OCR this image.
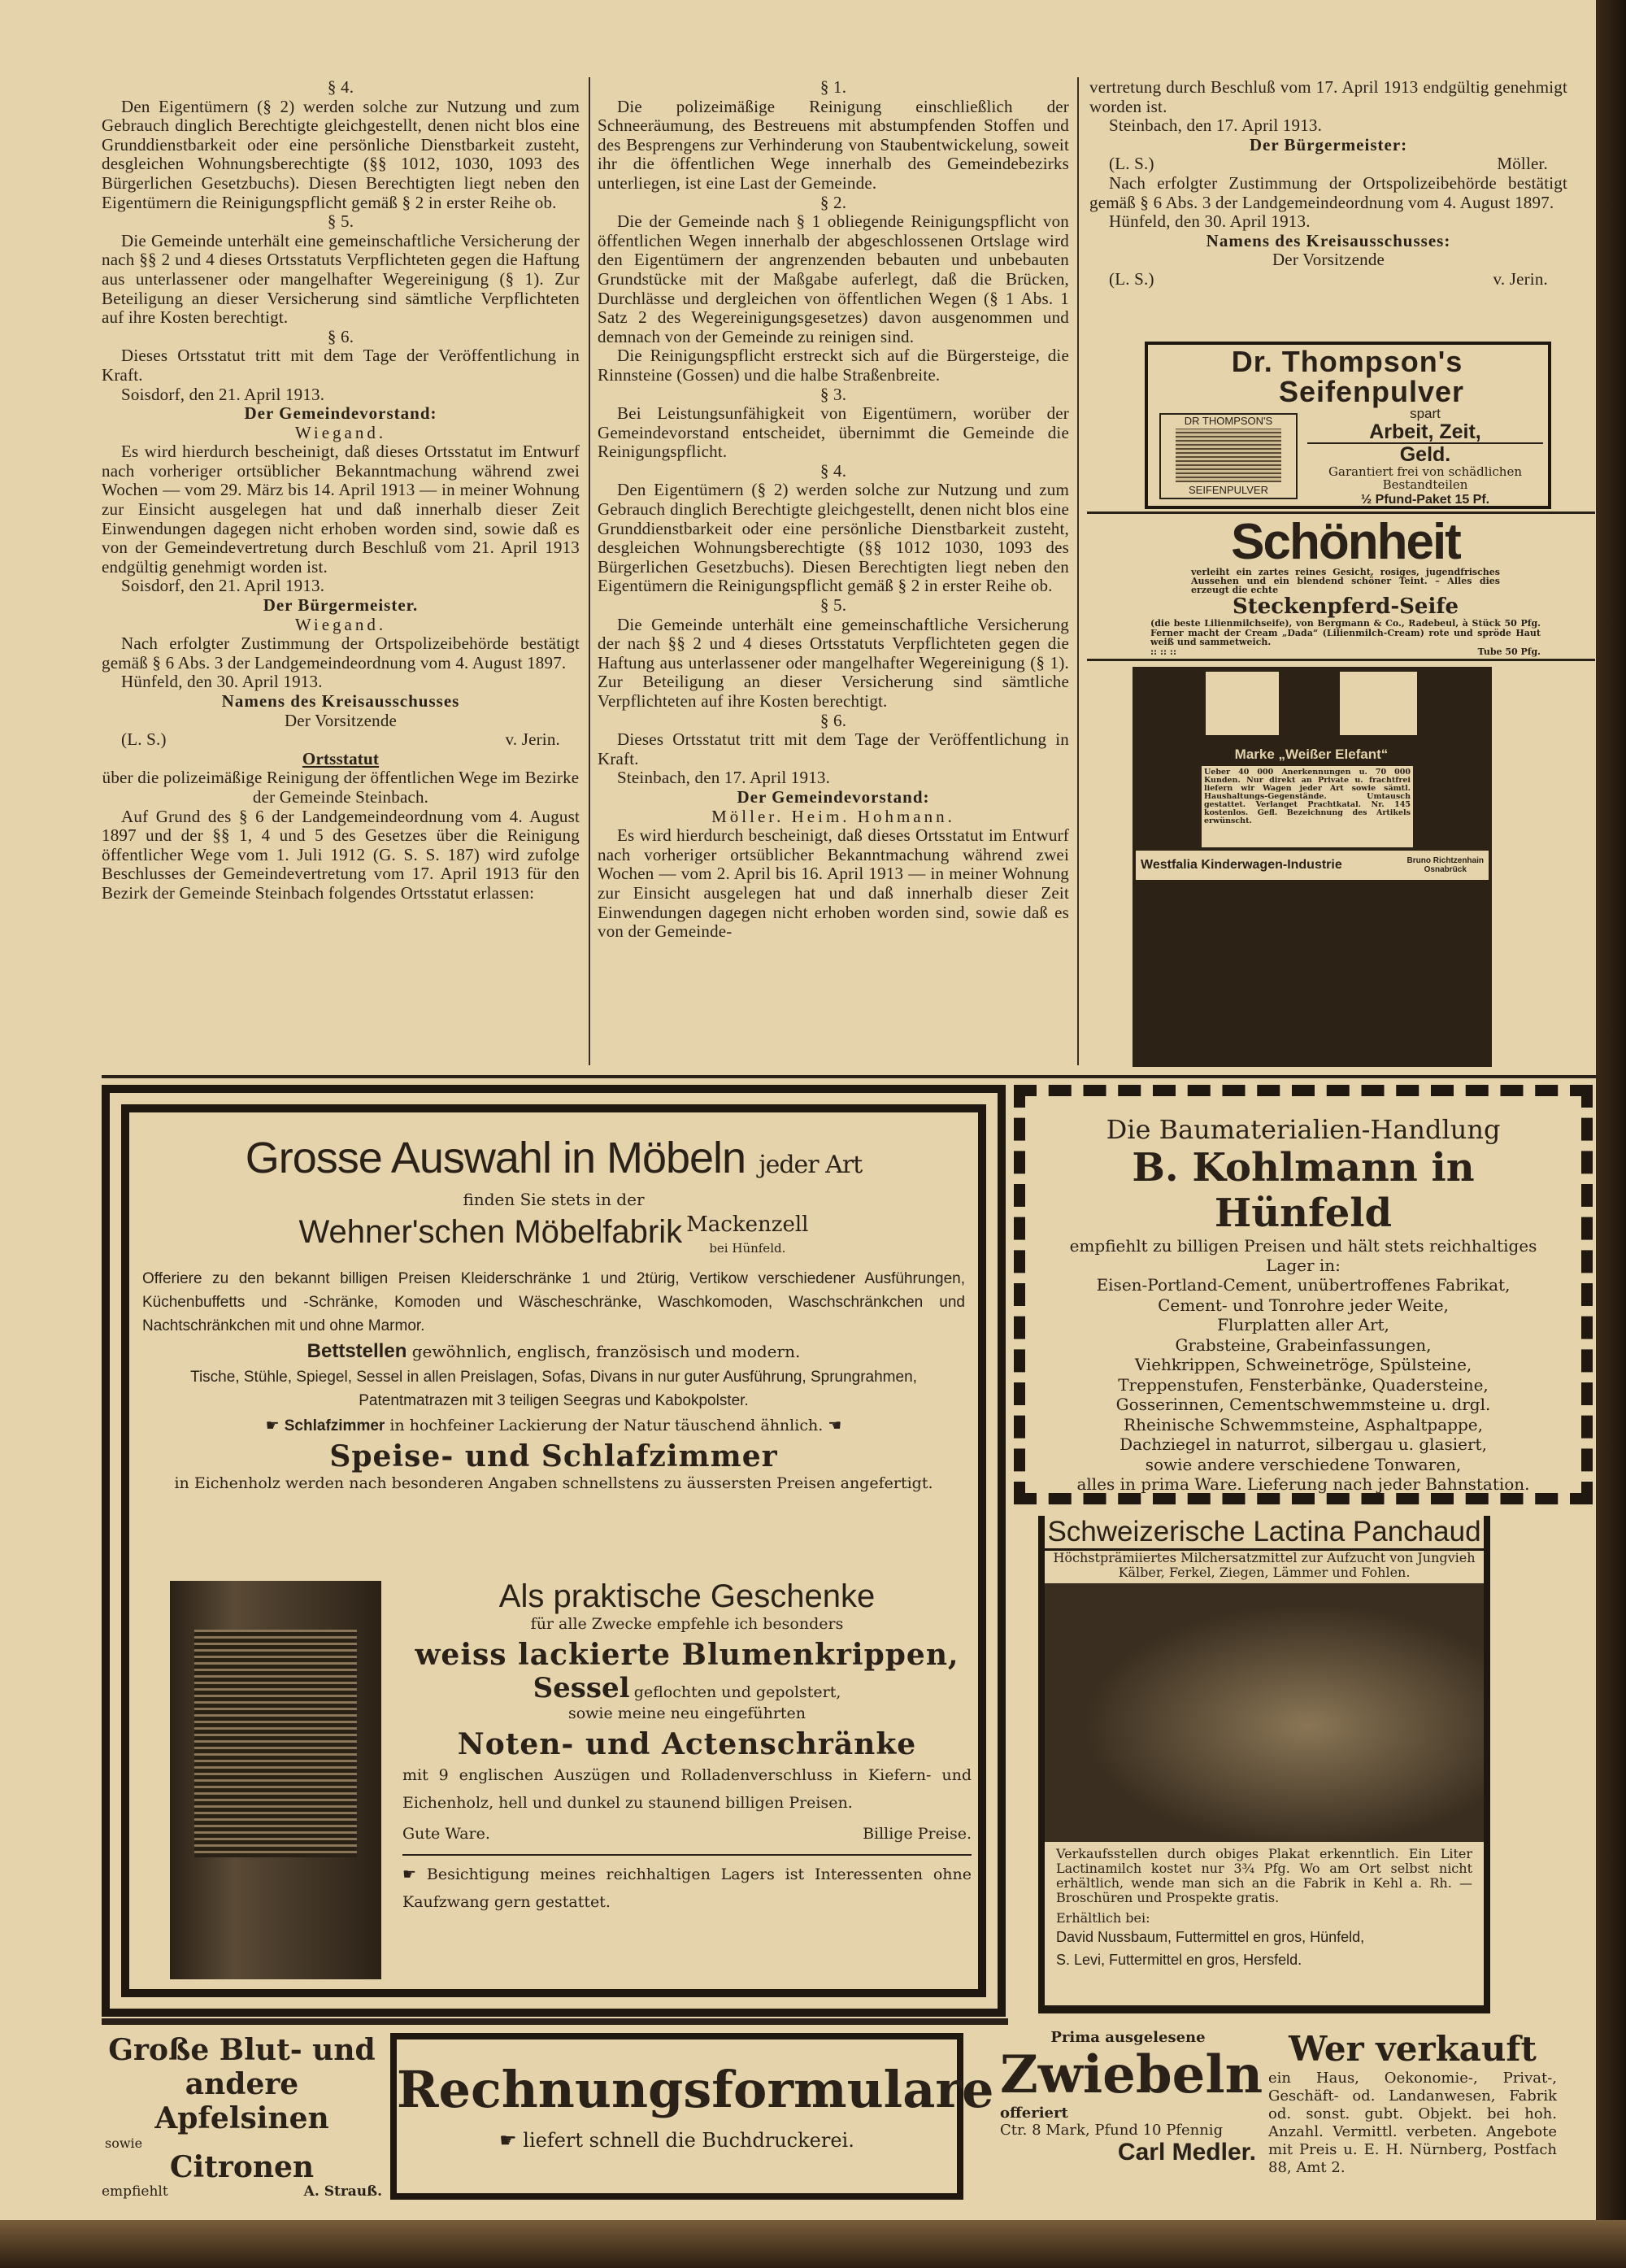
§ 4.

Den Eigentümern (§ 2) werden solche zur Nutzung und zum Gebrauch dinglich Berechtigte gleichgestellt, denen nicht blos eine Grunddienstbarkeit oder eine persönliche Dienstbarkeit zusteht, desgleichen Wohnungsberechtigte (§§ 1012, 1030, 1093 des Bürgerlichen Gesetzbuchs). Diesen Berechtigten liegt neben den Eigentümern die Reinigungspflicht gemäß § 2 in erster Reihe ob.

§ 5.

Die Gemeinde unterhält eine gemeinschaftliche Versicherung der nach §§ 2 und 4 dieses Ortsstatuts Verpflichteten gegen die Haftung aus unterlassener oder mangelhafter Wegereinigung (§ 1). Zur Beteiligung an dieser Versicherung sind sämtliche Verpflichteten auf ihre Kosten berechtigt.

§ 6.

Dieses Ortsstatut tritt mit dem Tage der Veröffentlichung in Kraft.

Soisdorf, den 21. April 1913.

Der Gemeindevorstand:

Wiegand.

Es wird hierdurch bescheinigt, daß dieses Ortsstatut im Entwurf nach vorheriger ortsüblicher Bekanntmachung während zwei Wochen — vom 29. März bis 14. April 1913 — in meiner Wohnung zur Einsicht ausgelegen hat und daß innerhalb dieser Zeit Einwendungen dagegen nicht erhoben worden sind, sowie daß es von der Gemeindevertretung durch Beschluß vom 21. April 1913 endgültig genehmigt worden ist.

Soisdorf, den 21. April 1913.

Der Bürgermeister.

Wiegand.

Nach erfolgter Zustimmung der Ortspolizeibehörde bestätigt gemäß § 6 Abs. 3 der Landgemeindeordnung vom 4. August 1897.

Hünfeld, den 30. April 1913.

Namens des Kreisausschusses

Der Vorsitzende

(L. S.)	v. Jerin.

Ortsstatut

über die polizeimäßige Reinigung der öffentlichen Wege im Bezirke der Gemeinde Steinbach.

Auf Grund des § 6 der Landgemeindeordnung vom 4. August 1897 und der §§ 1, 4 und 5 des Gesetzes über die Reinigung öffentlicher Wege vom 1. Juli 1912 (G. S. S. 187) wird zufolge Beschlusses der Gemeindevertretung vom 17. April 1913 für den Bezirk der Gemeinde Steinbach folgendes Ortsstatut erlassen:

§ 1.

Die polizeimäßige Reinigung einschließlich der Schneeräumung, des Bestreuens mit abstumpfenden Stoffen und des Besprengens zur Verhinderung von Staubentwickelung, soweit ihr die öffentlichen Wege innerhalb des Gemeindebezirks unterliegen, ist eine Last der Gemeinde.

§ 2.

Die der Gemeinde nach § 1 obliegende Reinigungspflicht von öffentlichen Wegen innerhalb der abgeschlossenen Ortslage wird den Eigentümern der angrenzenden bebauten und unbebauten Grundstücke mit der Maßgabe auferlegt, daß die Brücken, Durchlässe und dergleichen von öffentlichen Wegen (§ 1 Abs. 1 Satz 2 des Wegereinigungsgesetzes) davon ausgenommen und demnach von der Gemeinde zu reinigen sind.

Die Reinigungspflicht erstreckt sich auf die Bürgersteige, die Rinnsteine (Gossen) und die halbe Straßenbreite.

§ 3.

Bei Leistungsunfähigkeit von Eigentümern, worüber der Gemeindevorstand entscheidet, übernimmt die Gemeinde die Reinigungspflicht.

§ 4.

Den Eigentümern (§ 2) werden solche zur Nutzung und zum Gebrauch dinglich Berechtigte gleichgestellt, denen nicht blos eine Grunddienstbarkeit oder eine persönliche Dienstbarkeit zusteht, desgleichen Wohnungsberechtigte (§§ 1012 1030, 1093 des Bürgerlichen Gesetzbuchs). Diesen Berechtigten liegt neben den Eigentümern die Reinigungspflicht gemäß § 2 in erster Reihe ob.

§ 5.

Die Gemeinde unterhält eine gemeinschaftliche Versicherung der nach §§ 2 und 4 dieses Ortsstatuts Verpflichteten gegen die Haftung aus unterlassener oder mangelhafter Wegereinigung (§ 1). Zur Beteiligung an dieser Versicherung sind sämtliche Verpflichteten auf ihre Kosten berechtigt.

§ 6.

Dieses Ortsstatut tritt mit dem Tage der Veröffentlichung in Kraft.

Steinbach, den 17. April 1913.

Der Gemeindevorstand:

Möller. Heim. Hohmann.

Es wird hierdurch bescheinigt, daß dieses Ortsstatut im Entwurf nach vorheriger ortsüblicher Bekanntmachung während zwei Wochen — vom 2. April bis 16. April 1913 — in meiner Wohnung zur Einsicht ausgelegen hat und daß innerhalb dieser Zeit Einwendungen dagegen nicht erhoben worden sind, sowie daß es von der Gemeinde-

vertretung durch Beschluß vom 17. April 1913 endgültig genehmigt worden ist.

Steinbach, den 17. April 1913.

Der Bürgermeister:

(L. S.)	Möller.

Nach erfolgter Zustimmung der Ortspolizeibehörde bestätigt gemäß § 6 Abs. 3 der Landgemeindeordnung vom 4. August 1897.

Hünfeld, den 30. April 1913.

Namens des Kreisausschusses:

Der Vorsitzende

(L. S.)	v. Jerin.

Dr. Thompson's
Seifenpulver
DR THOMPSON'S
SEIFENPULVER
spart
Arbeit, Zeit,
Geld.
Garantiert frei von schädlichen Bestandteilen
½ Pfund-Paket 15 Pf.
Schönheit
verleiht ein zartes reines Gesicht, rosiges, jugendfrisches Aussehen und ein blendend schöner Teint. – Alles dies erzeugt die echte
Steckenpferd-Seife
(die beste Lilienmilchseife), von Bergmann & Co., Radebeul, à Stück 50 Pfg. Ferner macht der Cream „Dada“ (Lilienmilch-Cream) rote und spröde Haut weiß und sammetweich.
:: :: ::	Tube 50 Pfg.
Marke „Weißer Elefant“
Ueber 40 000 Anerkennungen u. 70 000 Kunden. Nur direkt an Private u. frachtfrei liefern wir Wagen jeder Art sowie sämtl. Haushaltungs-Gegenstände. Umtausch gestattet. Verlanget Prachtkatal. Nr. 145 kostenlos. Gefl. Bezeichnung des Artikels erwünscht.
Westfalia Kinderwagen-Industrie	Bruno Richtzenhain
Osnabrück
Grosse Auswahl in Möbeln jeder Art
finden Sie stets in der
Wehner'schen Möbelfabrik Mackenzell
bei Hünfeld.
Offeriere zu den bekannt billigen Preisen Kleiderschränke 1 und 2türig, Vertikow verschiedener Ausführungen, Küchenbuffetts und -Schränke, Komoden und Wäscheschränke, Waschkomoden, Waschschränkchen und Nachtschränkchen mit und ohne Marmor.
Bettstellen gewöhnlich, englisch, französisch und modern.
Tische, Stühle, Spiegel, Sessel in allen Preislagen, Sofas, Divans in nur guter Ausführung, Sprungrahmen, Patentmatrazen mit 3 teiligen Seegras und Kabokpolster.
☛ Schlafzimmer in hochfeiner Lackierung der Natur täuschend ähnlich. ☚
Speise- und Schlafzimmer
in Eichenholz werden nach besonderen Angaben schnellstens zu äussersten Preisen angefertigt.
Als praktische Geschenke
für alle Zwecke empfehle ich besonders
weiss lackierte Blumenkrippen,
Sessel geflochten und gepolstert,
sowie meine neu eingeführten
Noten- und Actenschränke
mit 9 englischen Auszügen und Rolladenverschluss in Kiefern- und Eichenholz, hell und dunkel zu staunend billigen Preisen.
Gute Ware.	Billige Preise.
☛ Besichtigung meines reichhaltigen Lagers ist Interessenten ohne Kaufzwang gern gestattet.
Die Baumaterialien-Handlung
B. Kohlmann in Hünfeld
empfiehlt zu billigen Preisen und hält stets reichhaltiges Lager in:
Eisen-Portland-Cement, unübertroffenes Fabrikat,
Cement- und Tonrohre jeder Weite,
Flurplatten aller Art,
Grabsteine, Grabeinfassungen,
Viehkrippen, Schweinetröge, Spülsteine,
Treppenstufen, Fensterbänke, Quadersteine,
Gosserinnen, Cementschwemmsteine u. drgl.
Rheinische Schwemmsteine, Asphaltpappe,
Dachziegel in naturrot, silbergau u. glasiert,
sowie andere verschiedene Tonwaren,
alles in prima Ware. Lieferung nach jeder Bahnstation.
Schweizerische Lactina Panchaud
Höchstprämiiertes Milchersatzmittel zur Aufzucht von Jungvieh Kälber, Ferkel, Ziegen, Lämmer und Fohlen.
Verkaufsstellen durch obiges Plakat erkenntlich. Ein Liter Lactinamilch kostet nur 3¾ Pfg. Wo am Ort selbst nicht erhältlich, wende man sich an die Fabrik in Kehl a. Rh. — Broschüren und Prospekte gratis.
Erhältlich bei:
David Nussbaum, Futtermittel en gros, Hünfeld,
S. Levi, Futtermittel en gros, Hersfeld.
Große Blut- und
andere Apfelsinen
sowie
Citronen
empfiehlt	A. Strauß.
Rechnungsformulare
☛ liefert schnell die Buchdruckerei.
Prima ausgelesene
Zwiebeln
offeriert
Ctr. 8 Mark, Pfund 10 Pfennig
Carl Medler.
Wer verkauft
ein Haus, Oekonomie-, Privat-, Geschäft- od. Landanwesen, Fabrik od. sonst. gubt. Objekt. bei hoh. Anzahl. Vermittl. verbeten. Angebote mit Preis u. E. H. Nürnberg, Postfach 88, Amt 2.
